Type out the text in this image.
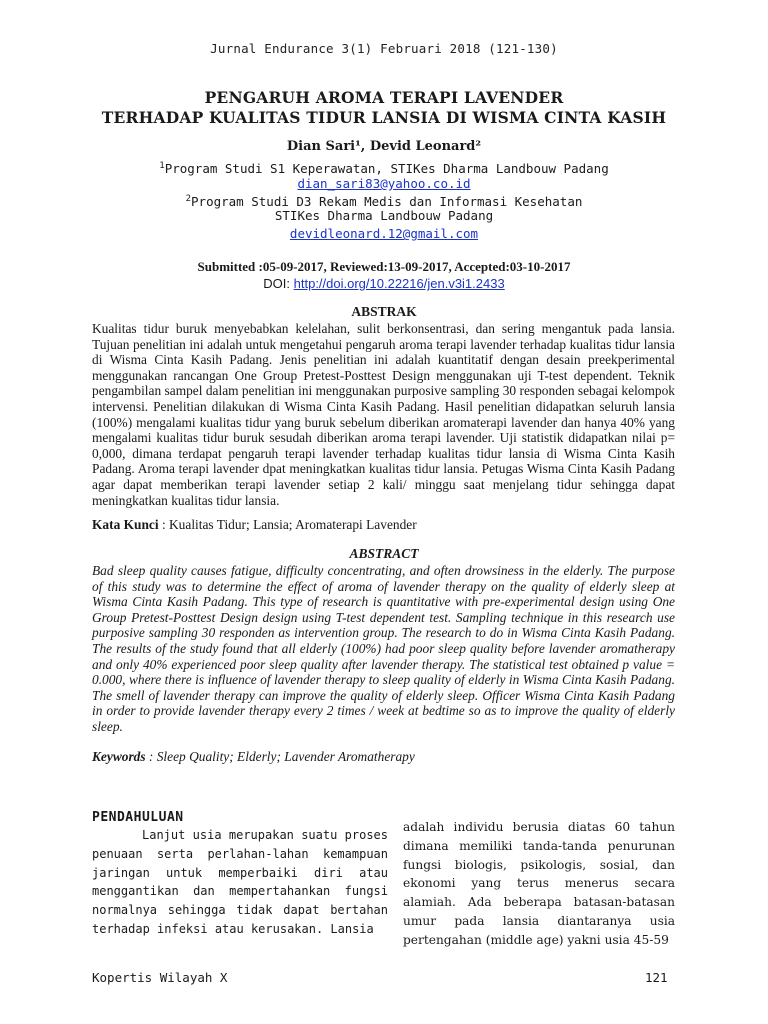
Jurnal Endurance 3(1) Februari 2018 (121-130)
PENGARUH AROMA TERAPI LAVENDER
TERHADAP KUALITAS TIDUR LANSIA DI WISMA CINTA KASIH
Dian Sari¹, Devid Leonard²
$^1$Program Studi S1 Keperawatan, STIKes Dharma Landbouw Padang
dian_sari83@yahoo.co.id
$^2$Program Studi D3 Rekam Medis dan Informasi Kesehatan
STIKes Dharma Landbouw Padang
devidleonard.12@gmail.com
Submitted :05-09-2017, Reviewed:13-09-2017, Accepted:03-10-2017
DOI: http://doi.org/10.22216/jen.v3i1.2433
ABSTRAK
Kualitas tidur buruk menyebabkan kelelahan, sulit berkonsentrasi, dan sering mengantuk pada lansia. Tujuan penelitian ini adalah untuk mengetahui pengaruh aroma terapi lavender terhadap kualitas tidur lansia di Wisma Cinta Kasih Padang. Jenis penelitian ini adalah kuantitatif dengan desain preekperimental menggunakan rancangan One Group Pretest-Posttest Design menggunakan uji T-test dependent. Teknik pengambilan sampel dalam penelitian ini menggunakan purposive sampling 30 responden sebagai kelompok intervensi. Penelitian dilakukan di Wisma Cinta Kasih Padang. Hasil penelitian didapatkan seluruh lansia (100%) mengalami kualitas tidur yang buruk sebelum diberikan aromaterapi lavender dan hanya 40% yang mengalami kualitas tidur buruk sesudah diberikan aroma terapi lavender. Uji statistik didapatkan nilai p= 0,000, dimana terdapat pengaruh terapi lavender terhadap kualitas tidur lansia di Wisma Cinta Kasih Padang. Aroma terapi lavender dpat meningkatkan kualitas tidur lansia. Petugas Wisma Cinta Kasih Padang agar dapat memberikan terapi lavender setiap 2 kali/ minggu saat menjelang tidur sehingga dapat meningkatkan kualitas tidur lansia.
Kata Kunci : Kualitas Tidur; Lansia; Aromaterapi Lavender
ABSTRACT
Bad sleep quality causes fatigue, difficulty concentrating, and often drowsiness in the elderly. The purpose of this study was to determine the effect of aroma of lavender therapy on the quality of elderly sleep at Wisma Cinta Kasih Padang. This type of research is quantitative with pre-experimental design using One Group Pretest-Posttest Design design using T-test dependent test. Sampling technique in this research use purposive sampling 30 responden as intervention group. The research to do in Wisma Cinta Kasih Padang. The results of the study found that all elderly (100%) had poor sleep quality before lavender aromatherapy and only 40% experienced poor sleep quality after lavender therapy. The statistical test obtained p value = 0.000, where there is influence of lavender therapy to sleep quality of elderly in Wisma Cinta Kasih Padang. The smell of lavender therapy can improve the quality of elderly sleep. Officer Wisma Cinta Kasih Padang in order to provide lavender therapy every 2 times / week at bedtime so as to improve the quality of elderly sleep.
Keywords : Sleep Quality; Elderly; Lavender Aromatherapy
PENDAHULUAN
Lanjut usia merupakan suatu proses penuaan serta perlahan-lahan kemampuan jaringan untuk memperbaiki diri atau menggantikan dan mempertahankan fungsi normalnya sehingga tidak dapat bertahan terhadap infeksi atau kerusakan. Lansia
adalah individu berusia diatas 60 tahun dimana memiliki tanda-tanda penurunan fungsi biologis, psikologis, sosial, dan ekonomi yang terus menerus secara alamiah. Ada beberapa batasan-batasan umur pada lansia diantaranya usia pertengahan (middle age) yakni usia 45-59
Kopertis Wilayah X	121
